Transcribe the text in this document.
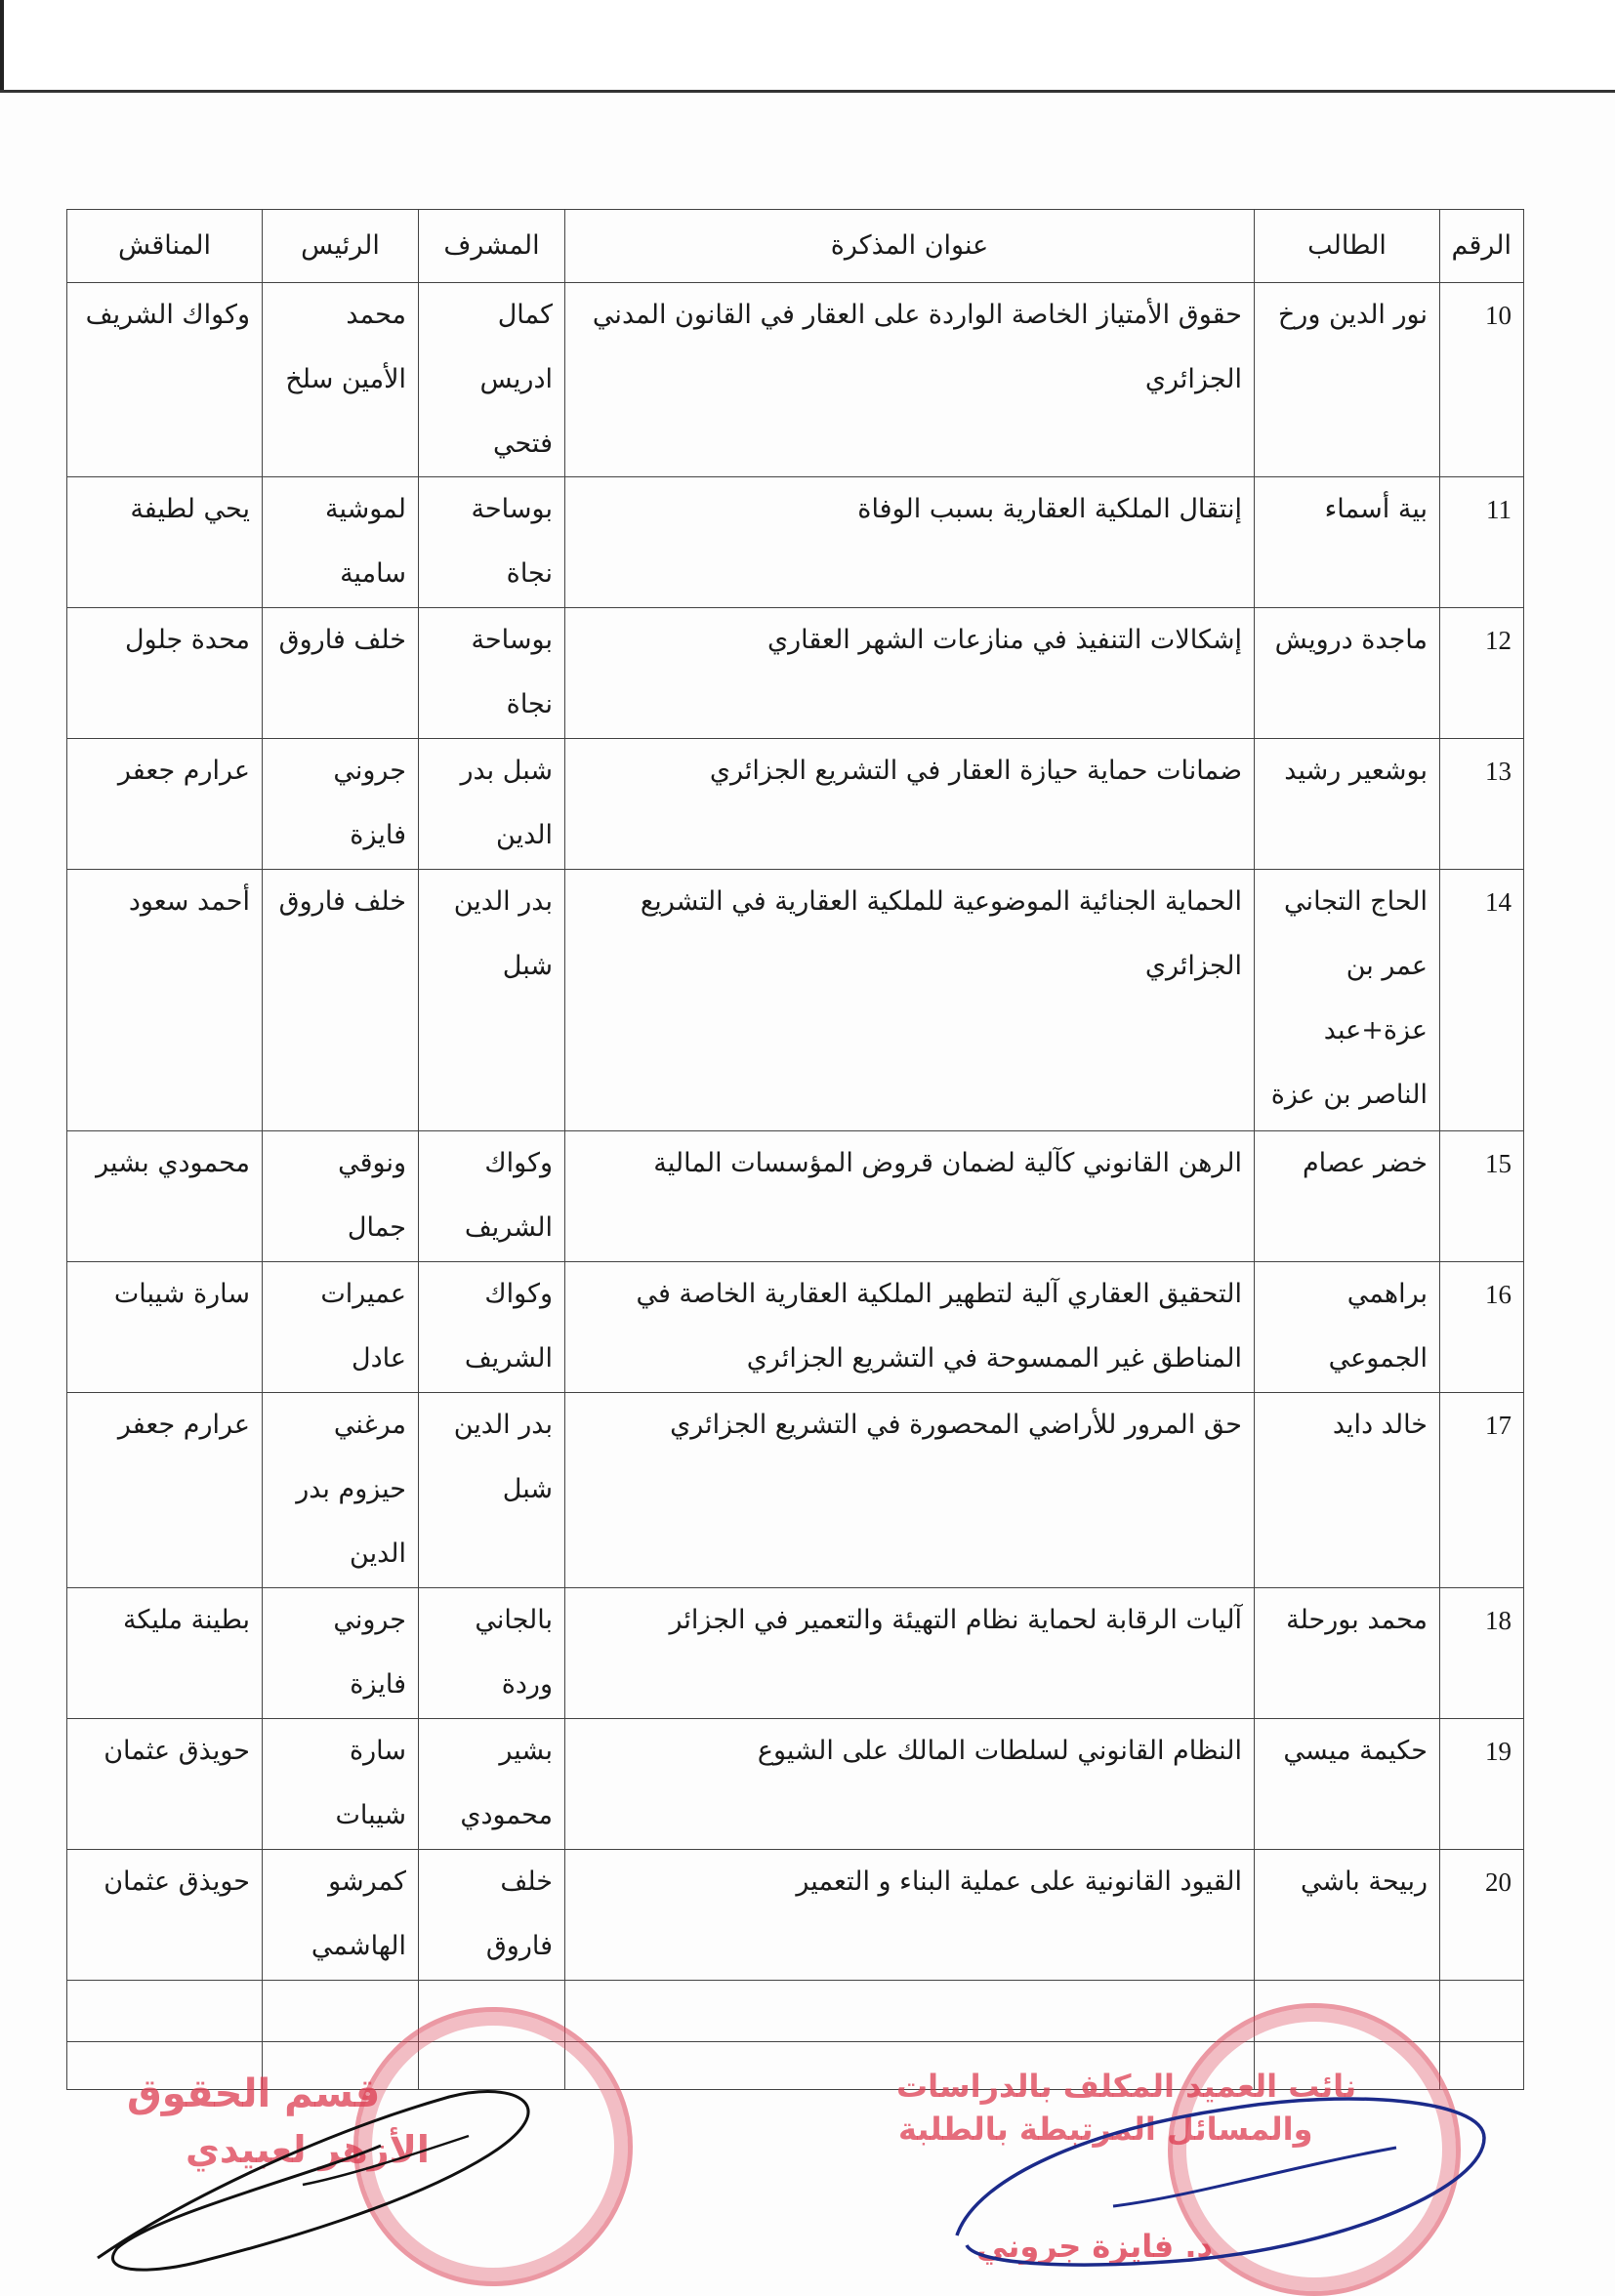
الرقم	الطالب	عنوان المذكرة	المشرف	الرئيس	المناقش
10	نور الدين ورخ	حقوق الأمتياز الخاصة الواردة على العقار في القانون المدني الجزائري	كمال ادريس فتحي	محمد الأمين سلخ	وكواك الشريف
11	بية أسماء	إنتقال الملكية العقارية بسبب الوفاة	بوساحة نجاة	لموشية سامية	يحي لطيفة
12	ماجدة درويش	إشكالات التنفيذ في منازعات الشهر العقاري	بوساحة نجاة	خلف فاروق	محدة جلول
13	بوشعير رشيد	ضمانات حماية حيازة العقار في التشريع الجزائري	شبل بدر الدين	جروني فايزة	عرارم جعفر
14	الحاج التجاني عمر بن عزة+عبد الناصر بن عزة	الحماية الجنائية الموضوعية للملكية العقارية في التشريع الجزائري	بدر الدين شبل	خلف فاروق	أحمد سعود
15	خضر عصام	الرهن القانوني كآلية لضمان قروض المؤسسات المالية	وكواك الشريف	ونوقي جمال	محمودي بشير
16	براهمي الجموعي	التحقيق العقاري آلية لتطهير الملكية العقارية الخاصة في المناطق غير الممسوحة في التشريع الجزائري	وكواك الشريف	عميرات عادل	سارة شيبات
17	خالد دايد	حق المرور للأراضي المحصورة في التشريع الجزائري	بدر الدين شبل	مرغني حيزوم بدر الدين	عرارم جعفر
18	محمد بورحلة	آليات الرقابة لحماية نظام التهيئة والتعمير في الجزائر	بالجاني وردة	جروني فايزة	بطينة مليكة
19	حكيمة ميسي	النظام القانوني لسلطات المالك على الشيوع	بشير محمودي	سارة شيبات	حويذق عثمان
20	ربيحة باشي	القيود القانونية على عملية البناء و التعمير	خلف فاروق	كمرشو الهاشمي	حويذق عثمان

قسم الحقوق
الأزهر لعبيدي
نائب العميد المكلف بالدراسات
والمسائل المرتبطة بالطلبة
د. فايزة جروني
